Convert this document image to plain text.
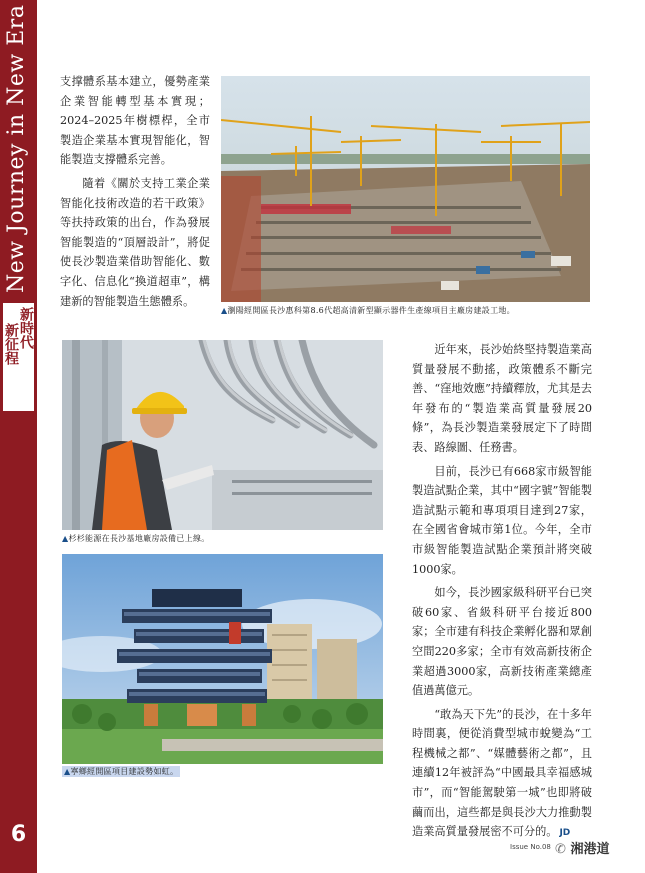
New Journey in New Era
新時代
新征程
6

支撑體系基本建立，優勢產業企業智能轉型基本實現；2024–2025年樹標桿，全市製造企業基本實現智能化，智能製造支撐體系完善。

隨着《關於支持工業企業智能化技術改造的若干政策》等扶持政策的出台，作為發展智能製造的“頂層設計”，將促使長沙製造業借助智能化、數字化、信息化“換道超車”，構建新的智能製造生態體系。

▲瀏陽經開區長沙惠科第8.6代超高清新型顯示器件生產線項目主廠房建設工地。
▲杉杉能源在長沙基地廠房設備已上線。
▲寧鄉經開區項目建設勢如虹。

近年來，長沙始終堅持製造業高質量發展不動搖，政策體系不斷完善、“窪地效應”持續釋放，尤其是去年發布的“製造業高質量發展20條”，為長沙製造業發展定下了時間表、路線圖、任務書。

目前，長沙已有668家市級智能製造試點企業，其中“國字號”智能製造試點示範和專項項目達到27家，在全國省會城市第1位。今年，全市市級智能製造試點企業預計將突破1000家。

如今，長沙國家級科研平台已突破60家、省級科研平台接近800家；全市建有科技企業孵化器和眾創空間220多家；全市有效高新技術企業超過3000家，高新技術產業總產值過萬億元。

“敢為天下先”的長沙，在十多年時間裏，便從消費型城市蛻變為“工程機械之都”、“媒體藝術之都”，且連續12年被評為“中國最具幸福感城市”，而“智能駕駛第一城”也即將破繭而出，這些都是與長沙大力推動製造業高質量發展密不可分的。 JD

Issue No.08 ✆ 湘港道
